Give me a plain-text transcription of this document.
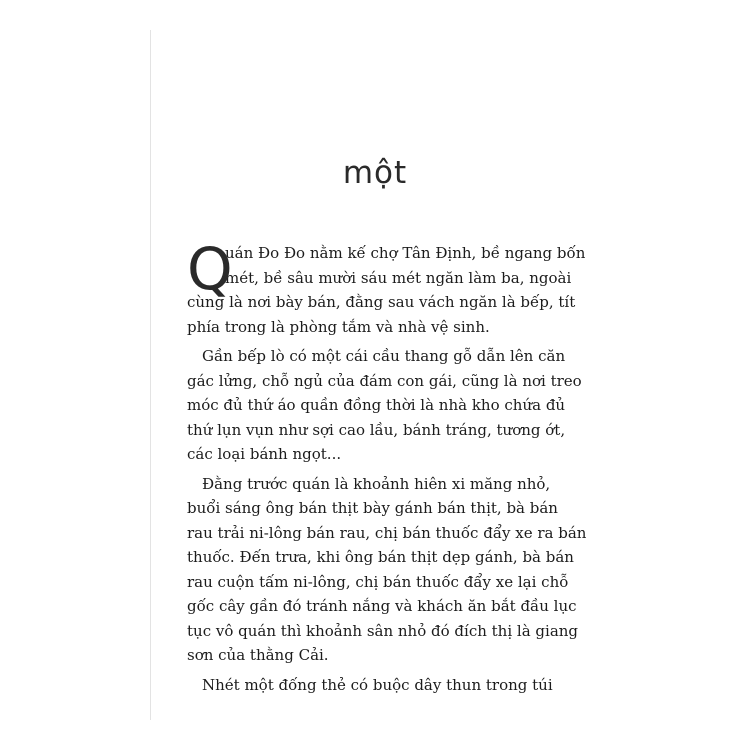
một
Q
uán Đo Đo nằm kế chợ Tân Định, bề ngang bốn
mét, bề sâu mười sáu mét ngăn làm ba, ngoài
cùng là nơi bày bán, đằng sau vách ngăn là bếp, tít
phía trong là phòng tắm và nhà vệ sinh.
Gần bếp lò có một cái cầu thang gỗ dẫn lên căn
gác lửng, chỗ ngủ của đám con gái, cũng là nơi treo
móc đủ thứ áo quần đồng thời là nhà kho chứa đủ
thứ lụn vụn như sợi cao lầu, bánh tráng, tương ớt,
các loại bánh ngọt...
Đằng trước quán là khoảnh hiên xi măng nhỏ,
buổi sáng ông bán thịt bày gánh bán thịt, bà bán
rau trải ni-lông bán rau, chị bán thuốc đẩy xe ra bán
thuốc. Đến trưa, khi ông bán thịt dẹp gánh, bà bán
rau cuộn tấm ni-lông, chị bán thuốc đẩy xe lại chỗ
gốc cây gần đó tránh nắng và khách ăn bắt đầu lục
tục vô quán thì khoảnh sân nhỏ đó đích thị là giang
sơn của thằng Cải.
Nhét một đống thẻ có buộc dây thun trong túi
